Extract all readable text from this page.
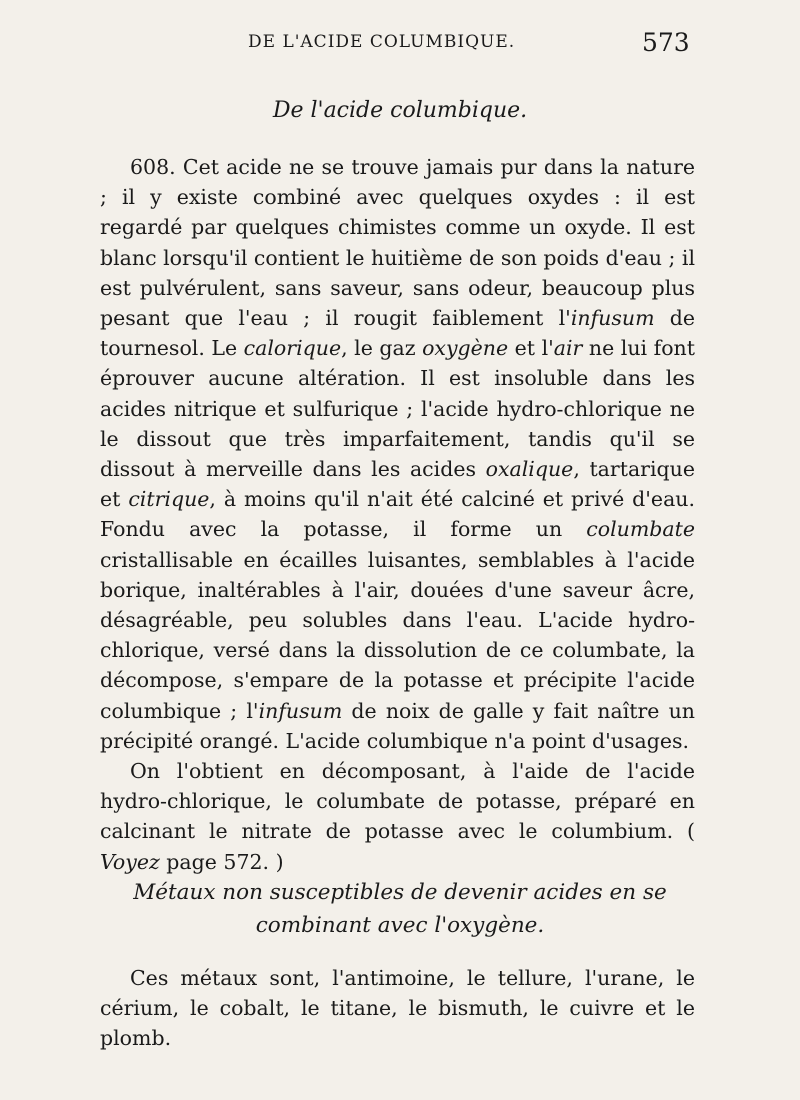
DE L'ACIDE COLUMBIQUE.	573
De l'acide columbique.

608. Cet acide ne se trouve jamais pur dans la nature ; il y existe combiné avec quelques oxydes : il est regardé par quelques chimistes comme un oxyde. Il est blanc lorsqu'il contient le huitième de son poids d'eau ; il est pulvérulent, sans saveur, sans odeur, beaucoup plus pesant que l'eau ; il rougit faiblement l'infusum de tournesol. Le calorique, le gaz oxygène et l'air ne lui font éprouver aucune altération. Il est insoluble dans les acides nitrique et sulfurique ; l'acide hydro-chlorique ne le dissout que très imparfaitement, tandis qu'il se dissout à merveille dans les acides oxalique, tartarique et citrique, à moins qu'il n'ait été calciné et privé d'eau. Fondu avec la potasse, il forme un columbate cristallisable en écailles luisantes, semblables à l'acide borique, inaltérables à l'air, douées d'une saveur âcre, désagréable, peu solubles dans l'eau. L'acide hydro-chlorique, versé dans la dissolution de ce columbate, la décompose, s'empare de la potasse et précipite l'acide columbique ; l'infusum de noix de galle y fait naître un précipité orangé. L'acide columbique n'a point d'usages.

On l'obtient en décomposant, à l'aide de l'acide hydro-chlorique, le columbate de potasse, préparé en calcinant le nitrate de potasse avec le columbium. ( Voyez page 572. )

Métaux non susceptibles de devenir acides en se
combinant avec l'oxygène.

Ces métaux sont, l'antimoine, le tellure, l'urane, le cérium, le cobalt, le titane, le bismuth, le cuivre et le plomb.
